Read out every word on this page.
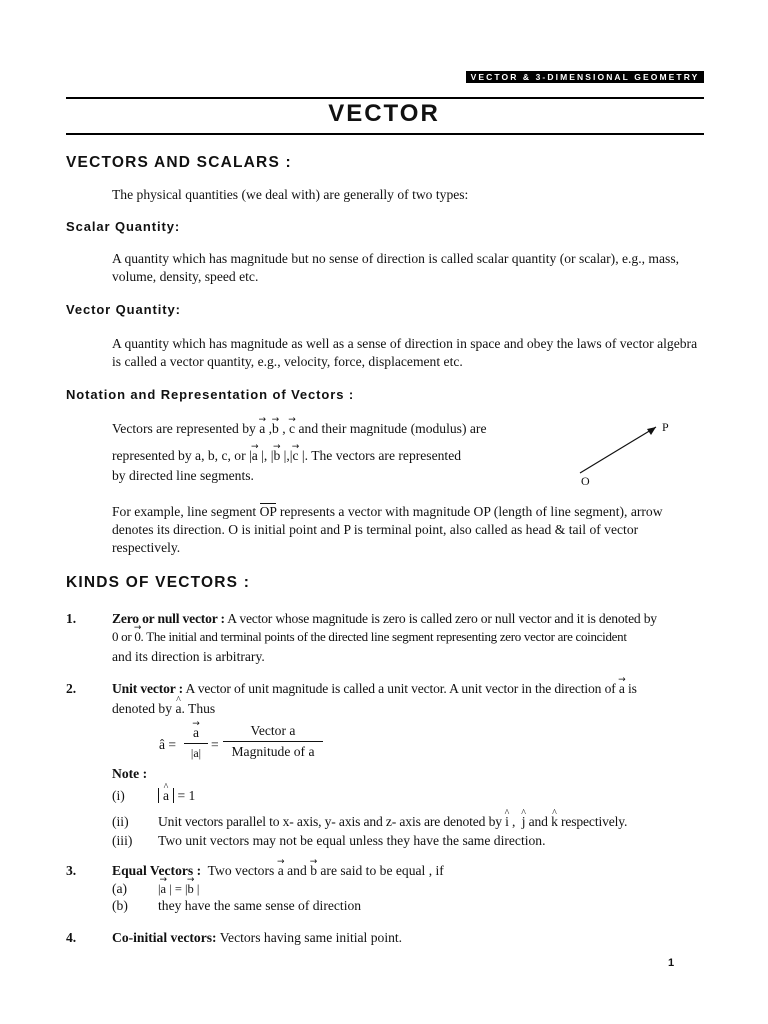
VECTOR & 3-DIMENSIONAL GEOMETRY
VECTOR
VECTORS AND SCALARS :
The physical quantities (we deal with) are generally of two types:
Scalar Quantity:
A quantity which has magnitude but no sense of direction is called scalar quantity (or scalar), e.g., mass, volume, density, speed etc.
Vector Quantity:
A quantity which has magnitude as well as a sense of direction in space and obey the laws of vector algebra is called a vector quantity, e.g., velocity, force, displacement etc.
Notation and Representation of Vectors :
Vectors are represented by → a ,→ b , → c and their magnitude (modulus) are
represented by a, b, c, or |→ a |, |→ b |,|→ c |. The vectors are represented
by directed line segments.
P
O
For example, line segment OP represents a vector with magnitude OP (length of line segment), arrow denotes its direction. O is initial point and P is terminal point, also called as head & tail of vector respectively.
KINDS OF VECTORS :
1.	Zero or null vector : A vector whose magnitude is zero is called zero or null vector and it is denoted by
0 or → 0. The initial and terminal points of the directed line segment representing zero vector are coincident
and its direction is arbitrary.
2.	Unit vector : A vector of unit magnitude is called a unit vector. A unit vector in the direction of → a is
denoted by ^ a. Thus
â =
→ a
|a|
=
Vector a
Magnitude of a
Note :
(i)
^	a = 1
(ii) Unit vectors parallel to x- axis, y- axis and z- axis are denoted by ^ i ,  ^ j and ^ k respectively.
(iii) Two unit vectors may not be equal unless they have the same direction.
3.	Equal Vectors :  Two vectors → a and → b are said to be equal , if
(a) |→ a | = |→ b |
(b) they have the same sense of direction
4.	Co-initial vectors: Vectors having same initial point.
1
